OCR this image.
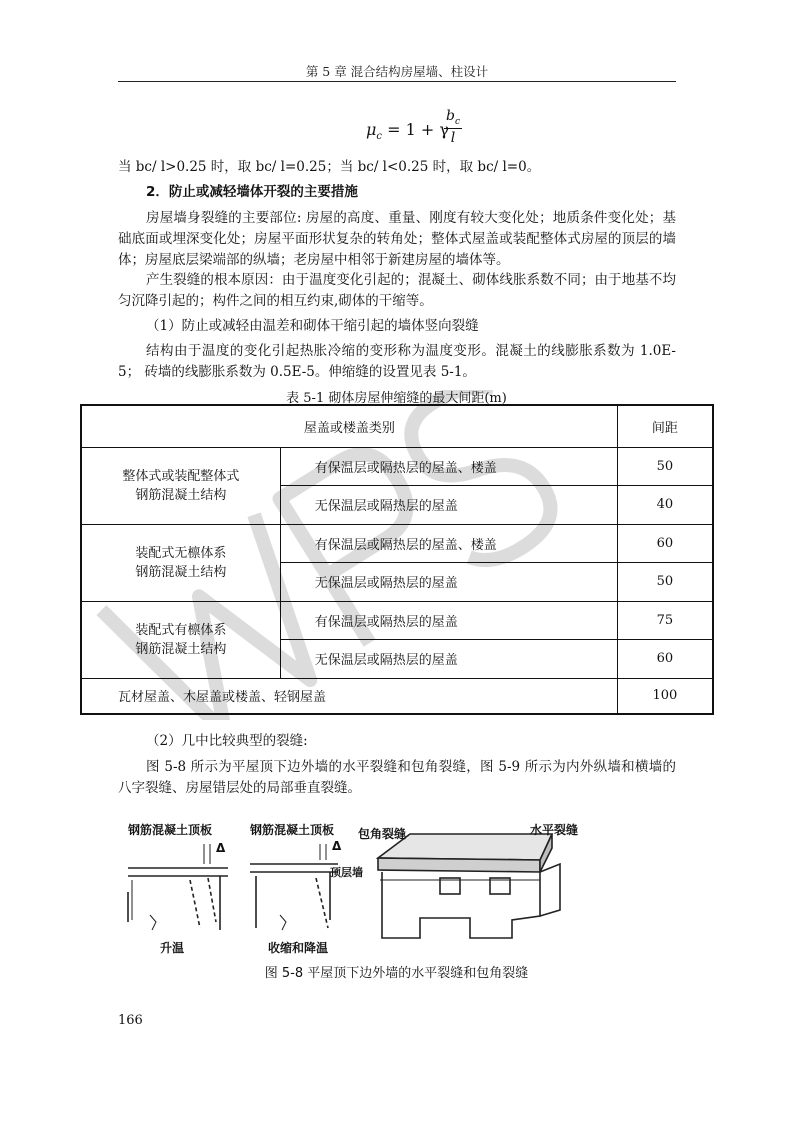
第 5 章 混合结构房屋墙、柱设计
$\mu_c = 1 + \gamma$
$b_c$
l
当 bc/ l>0.25 时，取 bc/ l=0.25；当 bc/ l<0.25 时，取 bc/ l=0。
2．防止或减轻墙体开裂的主要措施
房屋墙身裂缝的主要部位: 房屋的高度、重量、刚度有较大变化处；地质条件变化处；基础底面或埋深变化处；房屋平面形状复杂的转角处；整体式屋盖或装配整体式房屋的顶层的墙体；房屋底层梁端部的纵墙；老房屋中相邻于新建房屋的墙体等。
产生裂缝的根本原因：由于温度变化引起的；混凝土、砌体线胀系数不同；由于地基不均匀沉降引起的；构件之间的相互约束,砌体的干缩等。
（1）防止或减轻由温差和砌体干缩引起的墙体竖向裂缝
结构由于温度的变化引起热胀冷缩的变形称为温度变形。混凝土的线膨胀系数为 1.0E-5； 砖墙的线膨胀系数为 0.5E-5。伸缩缝的设置见表 5-1。
表 5-1 砌体房屋伸缩缝的最大间距(m)
屋盖或楼盖类别		间距
整体式或装配整体式
钢筋混凝土结构	有保温层或隔热层的屋盖、楼盖	50
	无保温层或隔热层的屋盖	40
装配式无檩体系
钢筋混凝土结构	有保温层或隔热层的屋盖、楼盖	60
	无保温层或隔热层的屋盖	50
装配式有檩体系
钢筋混凝土结构	有保温层或隔热层的屋盖	75
	无保温层或隔热层的屋盖	60
瓦材屋盖、木屋盖或楼盖、轻钢屋盖		100
（2）几中比较典型的裂缝:
图 5-8 所示为平屋顶下边外墙的水平裂缝和包角裂缝，图 5-9 所示为内外纵墙和横墙的八字裂缝、房屋错层处的局部垂直裂缝。
钢筋混凝土顶板	钢筋混凝土顶板
顶层墙
升温	收缩和降温
包角裂缝	水平裂缝
Δ	Δ
图 5-8 平屋顶下边外墙的水平裂缝和包角裂缝
166
